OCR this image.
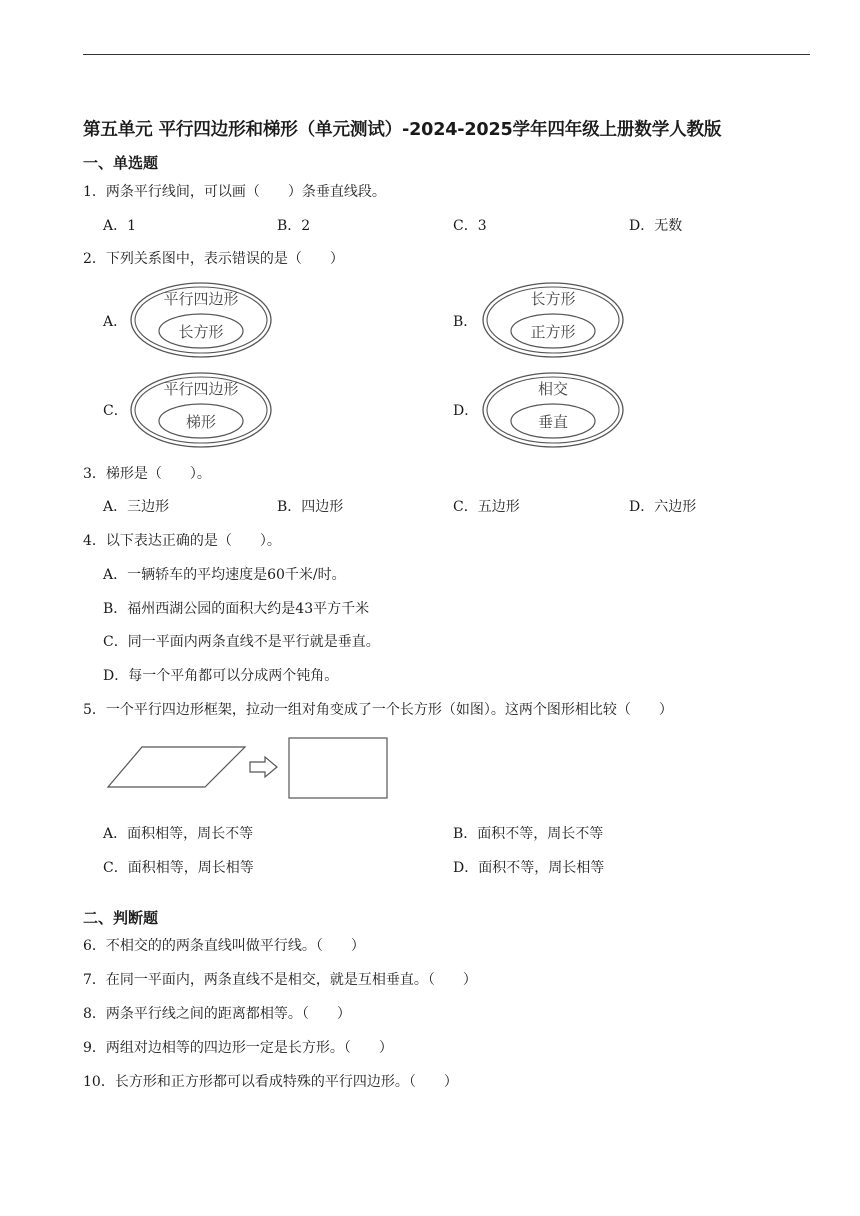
第五单元 平行四边形和梯形（单元测试）-2024-2025学年四年级上册数学人教版
一、单选题
1．两条平行线间，可以画（　　）条垂直线段。
A．1	B．2	C．3	D．无数
2．下列关系图中，表示错误的是（　　）
A．
平行四边形
长方形
B．
长方形
正方形
C．
平行四边形
梯形
D．
相交
垂直
3．梯形是（　　）。
A．三边形	B．四边形	C．五边形	D．六边形
4．以下表达正确的是（　　）。
A．一辆轿车的平均速度是60千米/时。
B．福州西湖公园的面积大约是43平方千米
C．同一平面内两条直线不是平行就是垂直。
D．每一个平角都可以分成两个钝角。
5．一个平行四边形框架，拉动一组对角变成了一个长方形（如图）。这两个图形相比较（　　）
A．面积相等，周长不等	B．面积不等，周长不等
C．面积相等，周长相等	D．面积不等，周长相等
二、判断题
6．不相交的的两条直线叫做平行线。（　　）
7．在同一平面内，两条直线不是相交，就是互相垂直。（　　）
8．两条平行线之间的距离都相等。（　　）
9．两组对边相等的四边形一定是长方形。（　　）
10．长方形和正方形都可以看成特殊的平行四边形。（　　）
